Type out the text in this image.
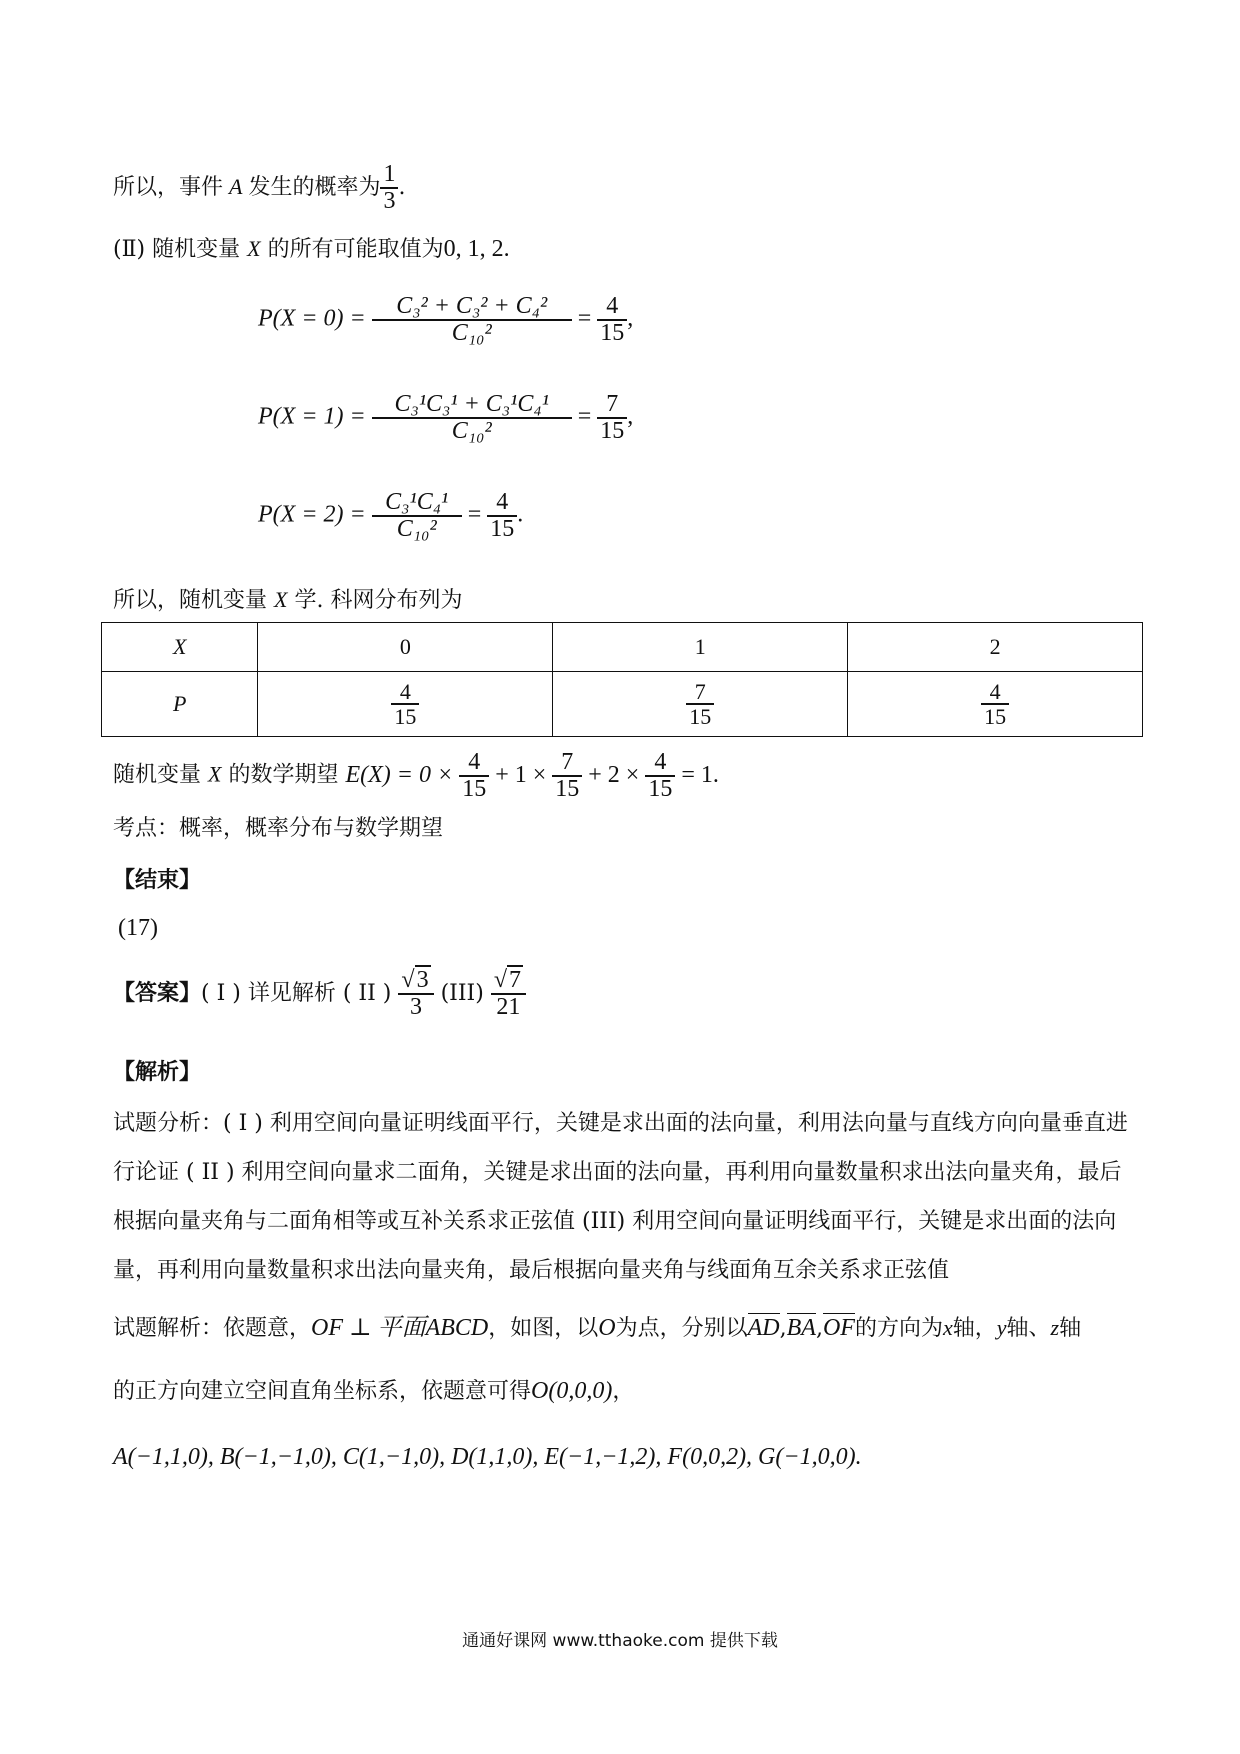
所以，事件 A 发生的概率为 $\frac{1}{3}$ .
(Ⅱ) 随机变量 X 的所有可能取值为0, 1, 2.
$P(X = 0) = \frac{\text{C₃² + C₃² + C₄²}}{\text{C₁₀²}} = \frac{4}{15}$ ,
$P(X = 1) = \frac{\text{C₃¹C₃¹ + C₃¹C₄¹}}{\text{C₁₀²}} = \frac{7}{15}$ ,
$P(X = 2) = \frac{\text{C₃¹C₄¹}}{\text{C₁₀²}} = \frac{4}{15}$ .
所以，随机变量 X 学. 科网分布列为
X	0	1	2
P	$\frac{4}{15}$	$\frac{7}{15}$	$\frac{4}{15}$
随机变量 X 的数学期望 $E(X) = 0 \times \frac{4}{15} + 1 \times \frac{7}{15} + 2 \times \frac{4}{15} = 1$.
考点：概率，概率分布与数学期望
【结束】
(17)
【答案】( I ) 详见解析 ( II ) $\frac{√3}{3} (III) \frac{√7}{21}$
【解析】
试题分析：( I ) 利用空间向量证明线面平行，关键是求出面的法向量，利用法向量与直线方向向量垂直进
行论证 ( II ) 利用空间向量求二面角，关键是求出面的法向量，再利用向量数量积求出法向量夹角，最后
根据向量夹角与二面角相等或互补关系求正弦值 (III) 利用空间向量证明线面平行，关键是求出面的法向
量，再利用向量数量积求出法向量夹角，最后根据向量夹角与线面角互余关系求正弦值
试题解析：依题意，OF ⊥ 平面ABCD，如图，以O为点，分别以AD,BA,OF的方向为x轴，y轴、z轴
的正方向建立空间直角坐标系，依题意可得O(0,0,0)，
A(−1,1,0), B(−1,−1,0), C(1,−1,0), D(1,1,0), E(−1,−1,2), F(0,0,2), G(−1,0,0).
通通好课网 www.tthaoke.com 提供下载
